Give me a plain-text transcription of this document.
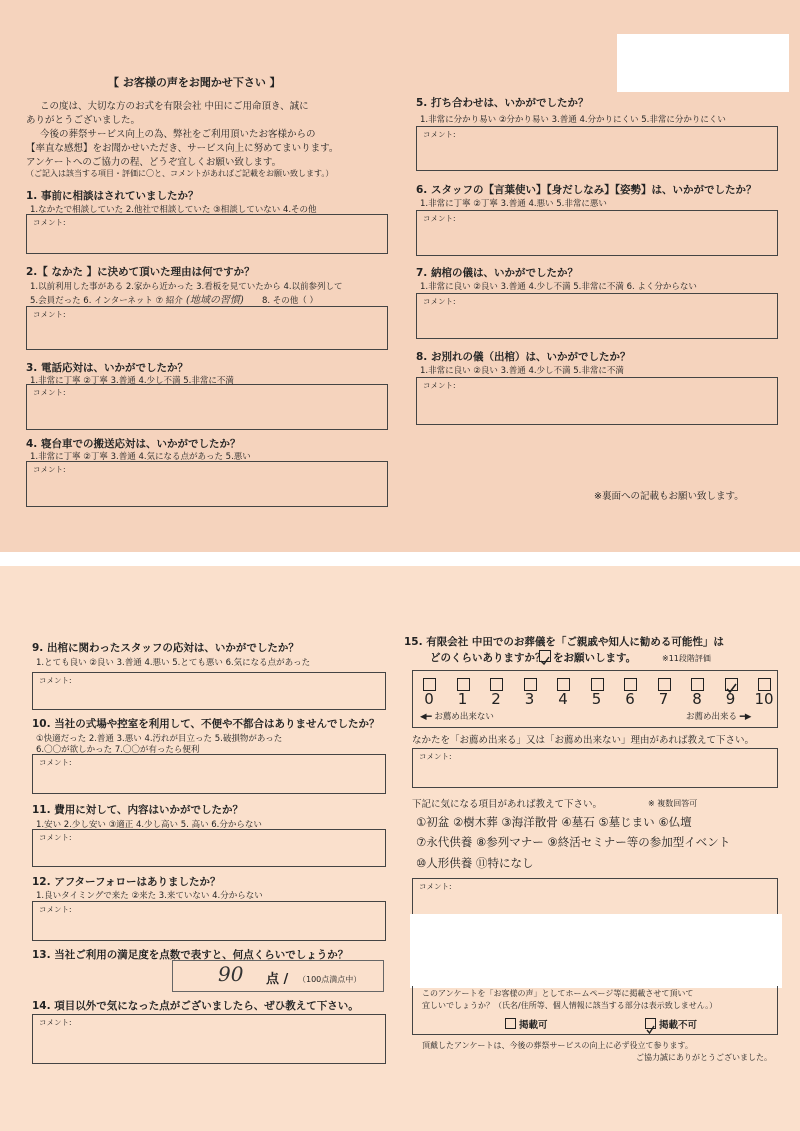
【 お客様の声をお聞かせ下さい 】
この度は、大切な方のお式を有限会社 中田にご用命頂き、誠に
ありがとうございました。
今後の葬祭サービス向上の為、弊社をご利用頂いたお客様からの
【率直な感想】をお聞かせいただき、サービス向上に努めてまいります。
アンケートへのご協力の程、どうぞ宜しくお願い致します。
（ご記入は該当する項目・評価に〇と、コメントがあればご記載をお願い致します。）
1. 事前に相談はされていましたか？
1.なかたで相談していた 2.他社で相談していた ③相談していない 4.その他
コメント:
2.【 なかた 】に決めて頂いた理由は何ですか？
1.以前利用した事がある 2.家から近かった 3.看板を見ていたから 4.以前参列して
5.会員だった 6. インターネット ⑦ 紹介 (地域の習慣) 8. その他（ ）
コメント:
3. 電話応対は、いかがでしたか？
1.非常に丁寧 ②丁寧 3.普通 4.少し不満 5.非常に不満
コメント:
4. 寝台車での搬送応対は、いかがでしたか？
1.非常に丁寧 ②丁寧 3.普通 4.気になる点があった 5.悪い
コメント:
5. 打ち合わせは、いかがでしたか？
1.非常に分かり易い ②分かり易い 3.普通 4.分かりにくい 5.非常に分かりにくい
コメント:
6. スタッフの【言葉使い】【身だしなみ】【姿勢】は、いかがでしたか？
1.非常に丁寧 ②丁寧 3.普通 4.悪い 5.非常に悪い
コメント:
7. 納棺の儀は、いかがでしたか？
1.非常に良い ②良い 3.普通 4.少し不満 5.非常に不満 6. よく分からない
コメント:
8. お別れの儀（出棺）は、いかがでしたか？
1.非常に良い ②良い 3.普通 4.少し不満 5.非常に不満
コメント:
※裏面への記載もお願い致します。
9. 出棺に関わったスタッフの応対は、いかがでしたか？
1.とても良い ②良い 3.普通 4.悪い 5.とても悪い 6.気になる点があった
コメント:
10. 当社の式場や控室を利用して、不便や不都合はありませんでしたか？
①快適だった 2.普通 3.悪い 4.汚れが目立った 5.破損物があった
6.〇〇が欲しかった 7.〇〇が有ったら便利
コメント:
11. 費用に対して、内容はいかがでしたか？
1.安い 2.少し安い ③適正 4.少し高い 5. 高い 6.分からない
コメント:
12. アフターフォローはありましたか？
1.良いタイミングで来た ②来た 3.来ていない 4.分からない
コメント:
13. 当社ご利用の満足度を点数で表すと、何点くらいでしょうか？
90 点 / （100点満点中）
14. 項目以外で気になった点がございましたら、ぜひ教えて下さい。
コメント:
15. 有限会社 中田でのお葬儀を「ご親戚や知人に勧める可能性」は
どのくらいありますか？ をお願いします。	※11段階評価
◀━ お薦め出来ない	お薦め出来る ━▶
なかたを「お薦め出来る」又は「お薦め出来ない」理由があれば教えて下さい。
コメント:
下記に気になる項目があれば教えて下さい。	※ 複数回答可
①初盆 ②樹木葬 ③海洋散骨 ④墓石 ⑤墓じまい ⑥仏壇
⑦永代供養 ⑧参列マナー ⑨終活セミナー等の参加型イベント
⑩人形供養 ⑪特になし
コメント:
このアンケートを「お客様の声」としてホームページ等に掲載させて頂いて
宜しいでしょうか？（氏名/住所等、個人情報に該当する部分は表示致しません。）
掲載可	掲載不可
頂戴したアンケートは、今後の葬祭サービスの向上に必ず役立て参ります。
ご協力誠にありがとうございました。
0	1	2	3	4	5	6	7	8	9	10
